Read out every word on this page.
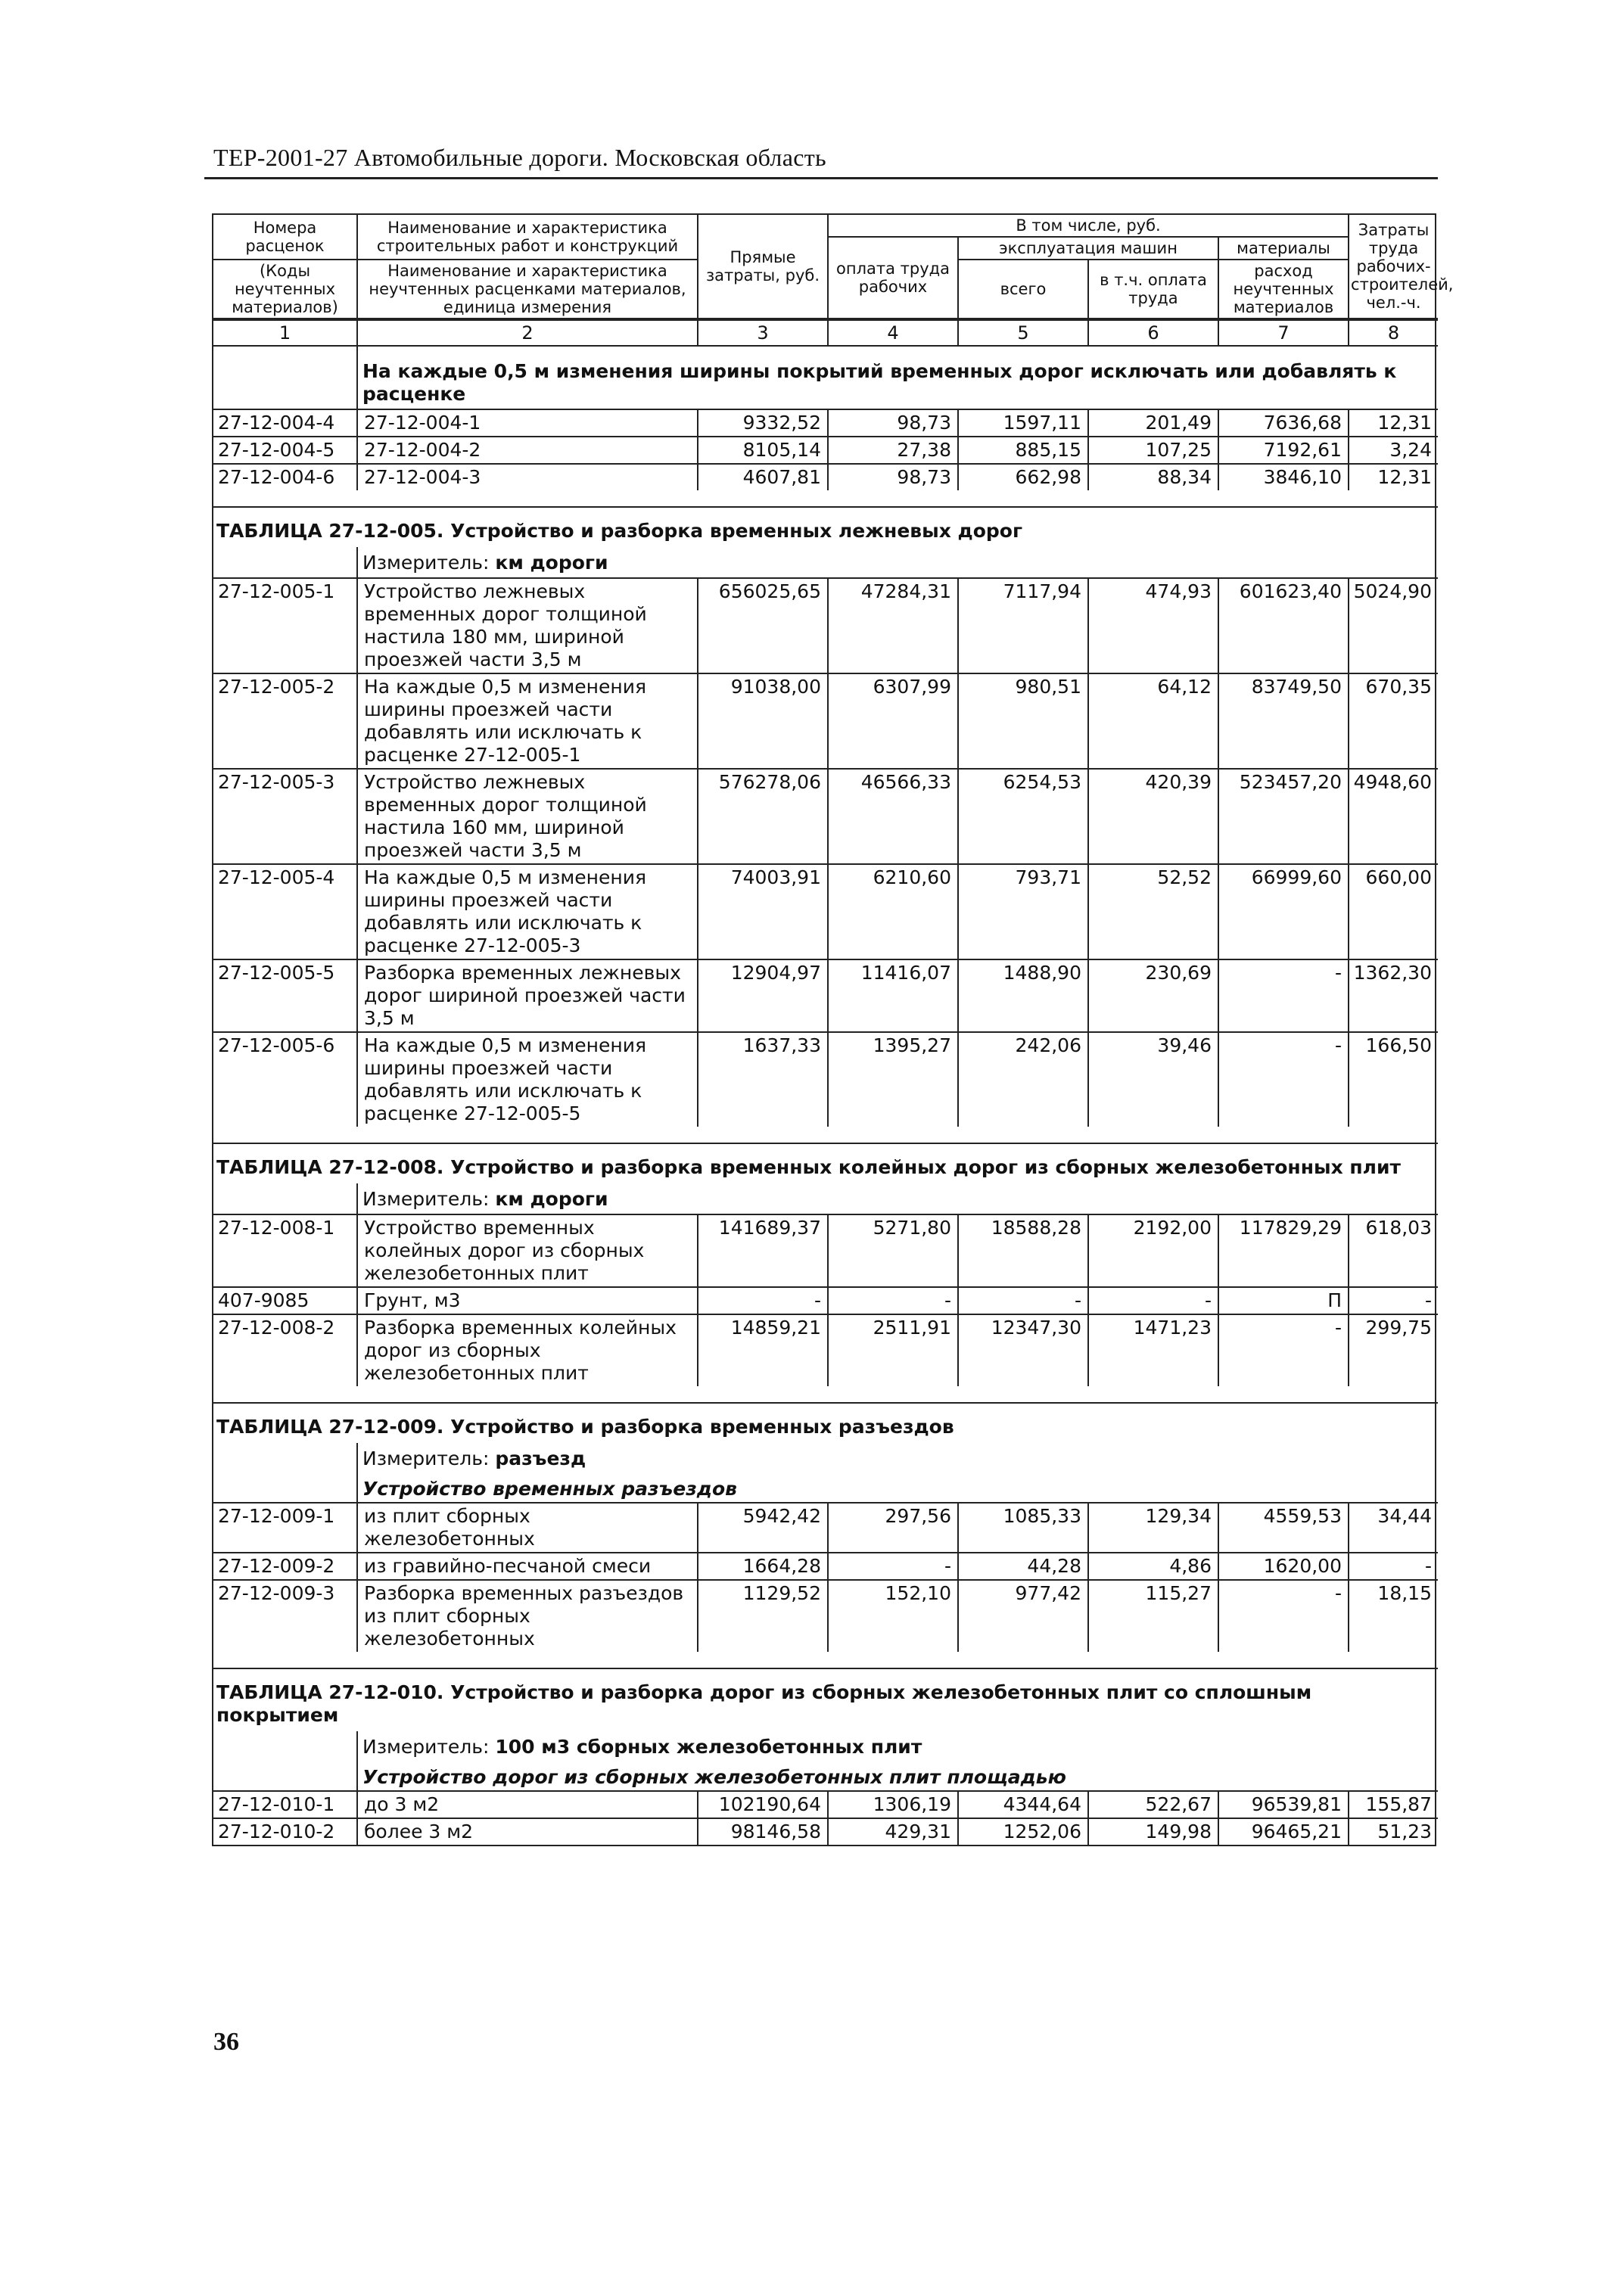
ТЕР-2001-27 Автомобильные дороги. Московская область
Номера расценок	Наименование и характеристика строительных работ и конструкций	Прямые затраты, руб.	В том числе, руб.				Затраты труда рабочих-строителей, чел.-ч.
			оплата труда рабочих	эксплуатация машин		материалы	
				всего	в т.ч. оплата труда	расход неучтенных материалов	
(Коды неучтенных материалов)	Наименование и характеристика неучтенных расценками материалов, единица измерения						

1	2	3	4	5	6	7	8
	На каждые 0,5 м изменения ширины покрытий временных дорог исключать или добавлять к расценке						
27-12-004-4	27-12-004-1	9332,52	98,73	1597,11	201,49	7636,68	12,31
27-12-004-5	27-12-004-2	8105,14	27,38	885,15	107,25	7192,61	3,24
27-12-004-6	27-12-004-3	4607,81	98,73	662,98	88,34	3846,10	12,31

ТАБЛИЦА 27-12-005. Устройство и разборка временных лежневых дорог							
	Измеритель: км дороги						
27-12-005-1	Устройство лежневых временных дорог толщиной настила 180 мм, шириной проезжей части 3,5 м	656025,65	47284,31	7117,94	474,93	601623,40	5024,90
27-12-005-2	На каждые 0,5 м изменения ширины проезжей части добавлять или исключать к расценке 27-12-005-1	91038,00	6307,99	980,51	64,12	83749,50	670,35
27-12-005-3	Устройство лежневых временных дорог толщиной настила 160 мм, шириной проезжей части 3,5 м	576278,06	46566,33	6254,53	420,39	523457,20	4948,60
27-12-005-4	На каждые 0,5 м изменения ширины проезжей части добавлять или исключать к расценке 27-12-005-3	74003,91	6210,60	793,71	52,52	66999,60	660,00
27-12-005-5	Разборка временных лежневых дорог шириной проезжей части 3,5 м	12904,97	11416,07	1488,90	230,69	-	1362,30
27-12-005-6	На каждые 0,5 м изменения ширины проезжей части добавлять или исключать к расценке 27-12-005-5	1637,33	1395,27	242,06	39,46	-	166,50

ТАБЛИЦА 27-12-008. Устройство и разборка временных колейных дорог из сборных железобетонных плит							
	Измеритель: км дороги						
27-12-008-1	Устройство временных колейных дорог из сборных железобетонных плит	141689,37	5271,80	18588,28	2192,00	117829,29	618,03
407-9085	Грунт, м3	-	-	-	-	П	-
27-12-008-2	Разборка временных колейных дорог из сборных железобетонных плит	14859,21	2511,91	12347,30	1471,23	-	299,75

ТАБЛИЦА 27-12-009. Устройство и разборка временных разъездов							
	Измеритель: разъезд						
	Устройство временных разъездов						
27-12-009-1	из плит сборных железобетонных	5942,42	297,56	1085,33	129,34	4559,53	34,44
27-12-009-2	из гравийно-песчаной смеси	1664,28	-	44,28	4,86	1620,00	-
27-12-009-3	Разборка временных разъездов из плит сборных железобетонных	1129,52	152,10	977,42	115,27	-	18,15

ТАБЛИЦА 27-12-010. Устройство и разборка дорог из сборных железобетонных плит со сплошным покрытием							
	Измеритель: 100 м3 сборных железобетонных плит						
	Устройство дорог из сборных железобетонных плит площадью						
27-12-010-1	до 3 м2	102190,64	1306,19	4344,64	522,67	96539,81	155,87
27-12-010-2	более 3 м2	98146,58	429,31	1252,06	149,98	96465,21	51,23
36
